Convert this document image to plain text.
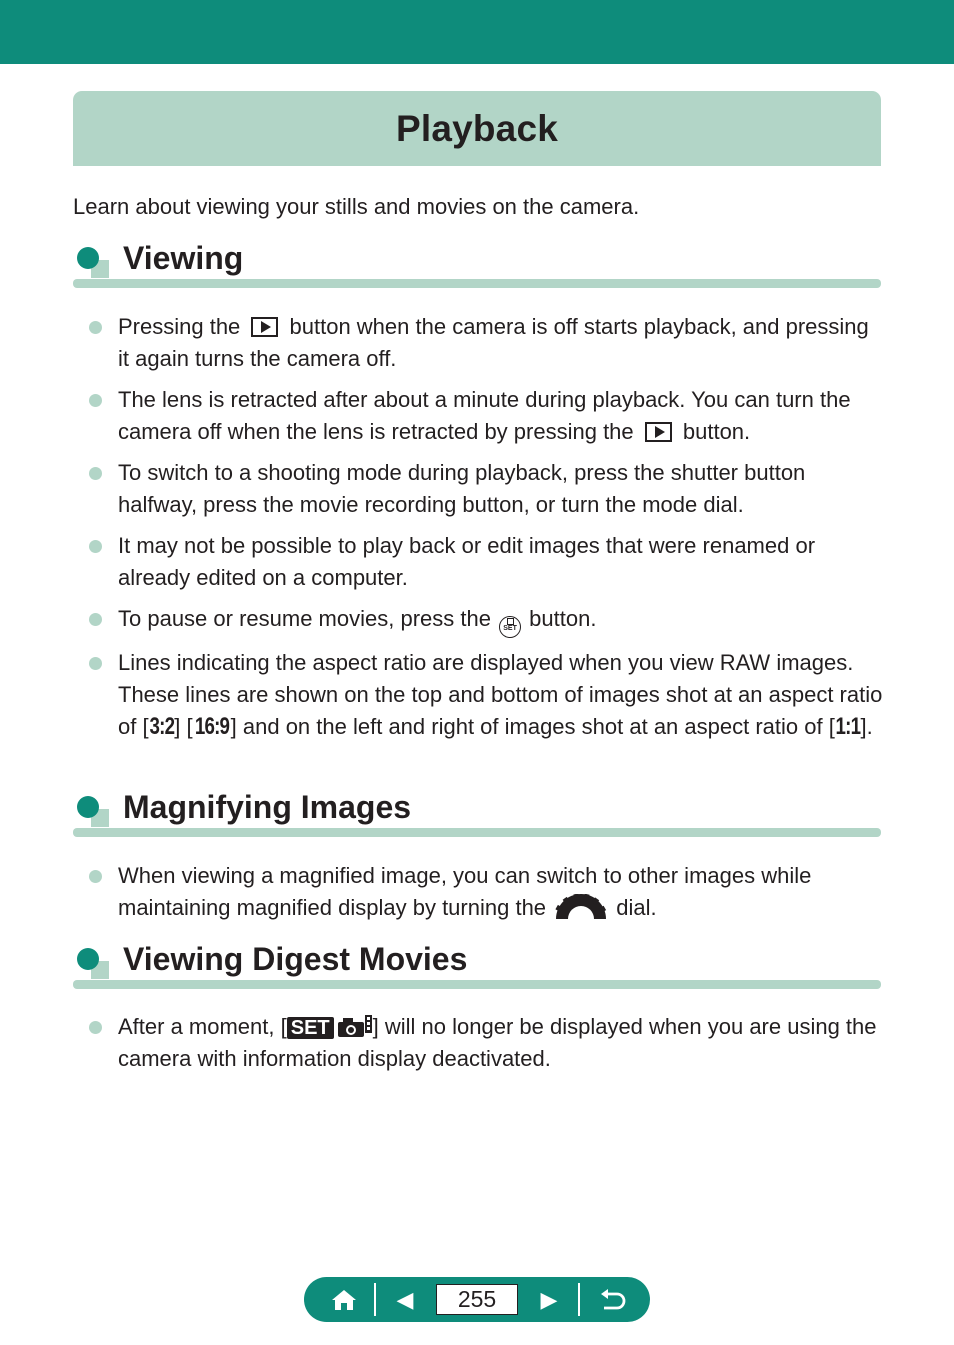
Playback

Learn about viewing your stills and movies on the camera.

Viewing
Pressing the  button when the camera is off starts playback, and pressing it again turns the camera off.
The lens is retracted after about a minute during playback. You can turn the camera off when the lens is retracted by pressing the  button.
To switch to a shooting mode during playback, press the shutter button halfway, press the movie recording button, or turn the mode dial.
It may not be possible to play back or edit images that were renamed or already edited on a computer.
To pause or resume movies, press the
SET button.
Lines indicating the aspect ratio are displayed when you view RAW images. These lines are shown on the top and bottom of images shot at an aspect ratio of [3:2] [16:9] and on the left and right of images shot at an aspect ratio of [1:1].
Magnifying Images
When viewing a magnified image, you can switch to other images while maintaining magnified display by turning the	dial.
Viewing Digest Movies
After a moment, [ SET ] will no longer be displayed when you are using the camera with information display deactivated.
◀ 255 ▶
